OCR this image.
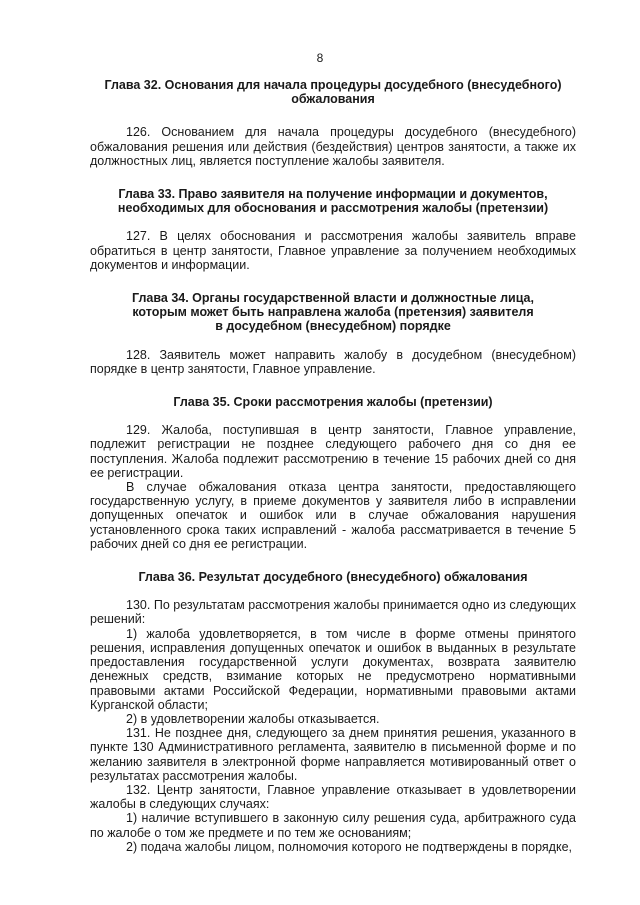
8
Глава 32. Основания для начала процедуры досудебного (внесудебного)
обжалования

126. Основанием для начала процедуры досудебного (внесудебного) обжалования решения или действия (бездействия) центров занятости, а также их должностных лиц, является поступление жалобы заявителя.

Глава 33. Право заявителя на получение информации и документов,
необходимых для обоснования и рассмотрения жалобы (претензии)

127. В целях обоснования и рассмотрения жалобы заявитель вправе обратиться в центр занятости, Главное управление за получением необходимых документов и информации.

Глава 34. Органы государственной власти и должностные лица,
которым может быть направлена жалоба (претензия) заявителя
в досудебном (внесудебном) порядке

128. Заявитель может направить жалобу в досудебном (внесудебном) порядке в центр занятости, Главное управление.

Глава 35. Сроки рассмотрения жалобы (претензии)

129. Жалоба, поступившая в центр занятости, Главное управление, подлежит регистрации не позднее следующего рабочего дня со дня ее поступления. Жалоба подлежит рассмотрению в течение 15 рабочих дней со дня ее регистрации.

В случае обжалования отказа центра занятости, предоставляющего государственную услугу, в приеме документов у заявителя либо в исправлении допущенных опечаток и ошибок или в случае обжалования нарушения установленного срока таких исправлений - жалоба рассматривается в течение 5 рабочих дней со дня ее регистрации.

Глава 36. Результат досудебного (внесудебного) обжалования

130. По результатам рассмотрения жалобы принимается одно из следующих решений:

1) жалоба удовлетворяется, в том числе в форме отмены принятого решения, исправления допущенных опечаток и ошибок в выданных в результате предоставления государственной услуги документах, возврата заявителю денежных средств, взимание которых не предусмотрено нормативными правовыми актами Российской Федерации, нормативными правовыми актами Курганской области;

2) в удовлетворении жалобы отказывается.

131. Не позднее дня, следующего за днем принятия решения, указанного в пункте 130 Административного регламента, заявителю в письменной форме и по желанию заявителя в электронной форме направляется мотивированный ответ о результатах рассмотрения жалобы.

132. Центр занятости, Главное управление отказывает в удовлетворении жалобы в следующих случаях:

1) наличие вступившего в законную силу решения суда, арбитражного суда по жалобе о том же предмете и по тем же основаниям;

2) подача жалобы лицом, полномочия которого не подтверждены в порядке,
